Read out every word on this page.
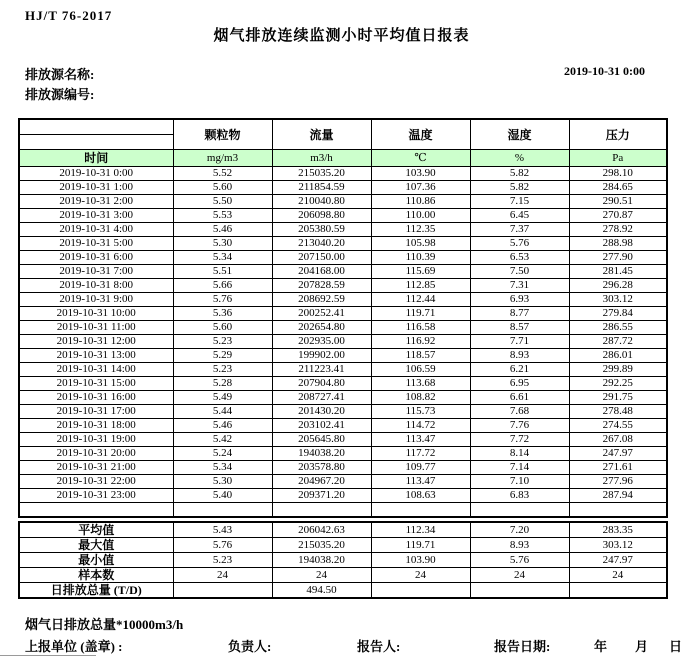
HJ/T 76-2017
烟气排放连续监测小时平均值日报表
排放源名称:
排放源编号:
2019-10-31 0:00
	颗粒物	流量	温度	湿度	压力

时间	mg/m3	m3/h	℃	%	Pa
2019-10-31 0:00	5.52	215035.20	103.90	5.82	298.10
2019-10-31 1:00	5.60	211854.59	107.36	5.82	284.65
2019-10-31 2:00	5.50	210040.80	110.86	7.15	290.51
2019-10-31 3:00	5.53	206098.80	110.00	6.45	270.87
2019-10-31 4:00	5.46	205380.59	112.35	7.37	278.92
2019-10-31 5:00	5.30	213040.20	105.98	5.76	288.98
2019-10-31 6:00	5.34	207150.00	110.39	6.53	277.90
2019-10-31 7:00	5.51	204168.00	115.69	7.50	281.45
2019-10-31 8:00	5.66	207828.59	112.85	7.31	296.28
2019-10-31 9:00	5.76	208692.59	112.44	6.93	303.12
2019-10-31 10:00	5.36	200252.41	119.71	8.77	279.84
2019-10-31 11:00	5.60	202654.80	116.58	8.57	286.55
2019-10-31 12:00	5.23	202935.00	116.92	7.71	287.72
2019-10-31 13:00	5.29	199902.00	118.57	8.93	286.01
2019-10-31 14:00	5.23	211223.41	106.59	6.21	299.89
2019-10-31 15:00	5.28	207904.80	113.68	6.95	292.25
2019-10-31 16:00	5.49	208727.41	108.82	6.61	291.75
2019-10-31 17:00	5.44	201430.20	115.73	7.68	278.48
2019-10-31 18:00	5.46	203102.41	114.72	7.76	274.55
2019-10-31 19:00	5.42	205645.80	113.47	7.72	267.08
2019-10-31 20:00	5.24	194038.20	117.72	8.14	247.97
2019-10-31 21:00	5.34	203578.80	109.77	7.14	271.61
2019-10-31 22:00	5.30	204967.20	113.47	7.10	277.96
2019-10-31 23:00	5.40	209371.20	108.63	6.83	287.94

平均值	5.43	206042.63	112.34	7.20	283.35
最大值	5.76	215035.20	119.71	8.93	303.12
最小值	5.23	194038.20	103.90	5.76	247.97
样本数	24	24	24	24	24
日排放总量 (T/D)		494.50			
烟气日排放总量*10000m3/h
上报单位 (盖章) :	负责人:	报告人:	报告日期:	年 月 日
